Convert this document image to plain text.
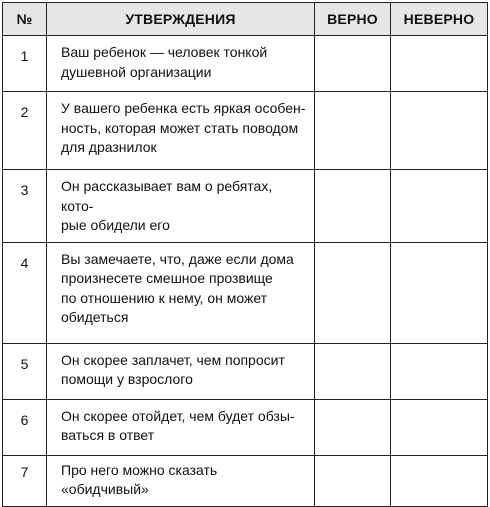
№	УТВЕРЖДЕНИЯ	ВЕРНО	НЕВЕРНО
1	Ваш ребенок — человек тонкой
душевной организации		

2	У вашего ребенка есть яркая особен-
ность, которая может стать поводом
для дразнилок		

3	Он рассказывает вам о ребятах, кото-
рые обидели его		

4	Вы замечаете, что, даже если дома
произнесете смешное прозвище
по отношению к нему, он может
обидеться		

5	Он скорее заплачет, чем попросит
помощи у взрослого		

6	Он скорее отойдет, чем будет обзы-
ваться в ответ		

7	Про него можно сказать «обидчивый»		
